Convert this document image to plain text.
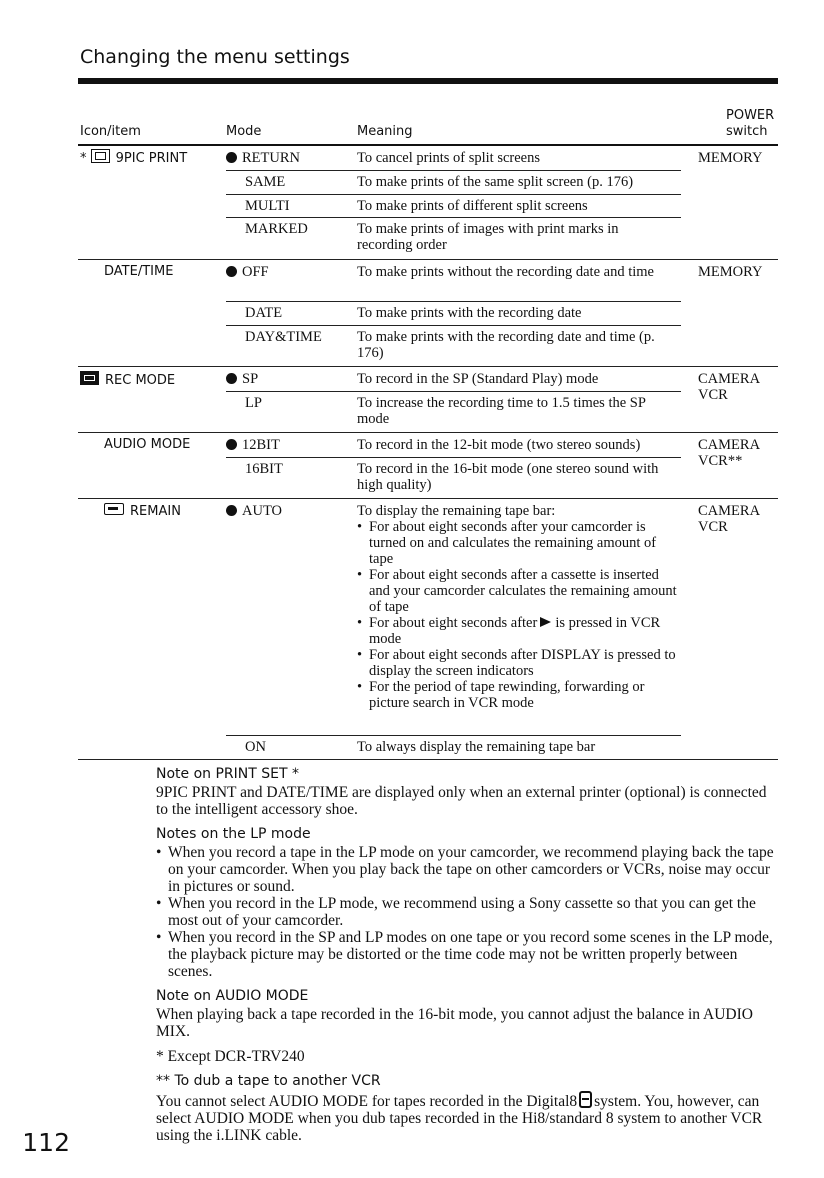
Changing the menu settings
Icon/item	Mode	Meaning
POWER
switch
* 9PIC PRINT	RETURN	To cancel prints of split screens	MEMORY
SAME	To make prints of the same split screen (p. 176)
MULTI	To make prints of different split screens
MARKED	To make prints of images with print marks in recording order
DATE/TIME	OFF	To make prints without the recording date and time	MEMORY
DATE	To make prints with the recording date
DAY&TIME To make prints with the recording date and time (p. 176)
REC MODE	SP	To record in the SP (Standard Play) mode	CAMERA
VCR
LP	To increase the recording time to 1.5 times the SP mode
AUDIO MODE	12BIT	To record in the 12-bit mode (two stereo sounds)	CAMERA
VCR**
16BIT	To record in the 16-bit mode (one stereo sound with high quality)
REMAIN	AUTO	To display the remaining tape bar:
• For about eight seconds after your camcorder is turned on and calculates the remaining amount of tape
• For about eight seconds after a cassette is inserted and your camcorder calculates the remaining amount of tape
• For about eight seconds after is pressed in VCR mode
• For about eight seconds after DISPLAY is pressed to display the screen indicators
• For the period of tape rewinding, forwarding or picture search in VCR mode
CAMERA
VCR
ON	To always display the remaining tape bar
Note on PRINT SET *
9PIC PRINT and DATE/TIME are displayed only when an external printer (optional) is connected to the intelligent accessory shoe.
Notes on the LP mode
• When you record a tape in the LP mode on your camcorder, we recommend playing back the tape on your camcorder. When you play back the tape on other camcorders or VCRs, noise may occur in pictures or sound.
• When you record in the LP mode, we recommend using a Sony cassette so that you can get the most out of your camcorder.
• When you record in the SP and LP modes on one tape or you record some scenes in the LP mode, the playback picture may be distorted or the time code may not be written properly between scenes.
Note on AUDIO MODE
When playing back a tape recorded in the 16-bit mode, you cannot adjust the balance in AUDIO MIX.
* Except DCR-TRV240
** To dub a tape to another VCR
You cannot select AUDIO MODE for tapes recorded in the Digital8 system. You, however, can select AUDIO MODE when you dub tapes recorded in the Hi8/standard 8 system to another VCR using the i.LINK cable.
112
